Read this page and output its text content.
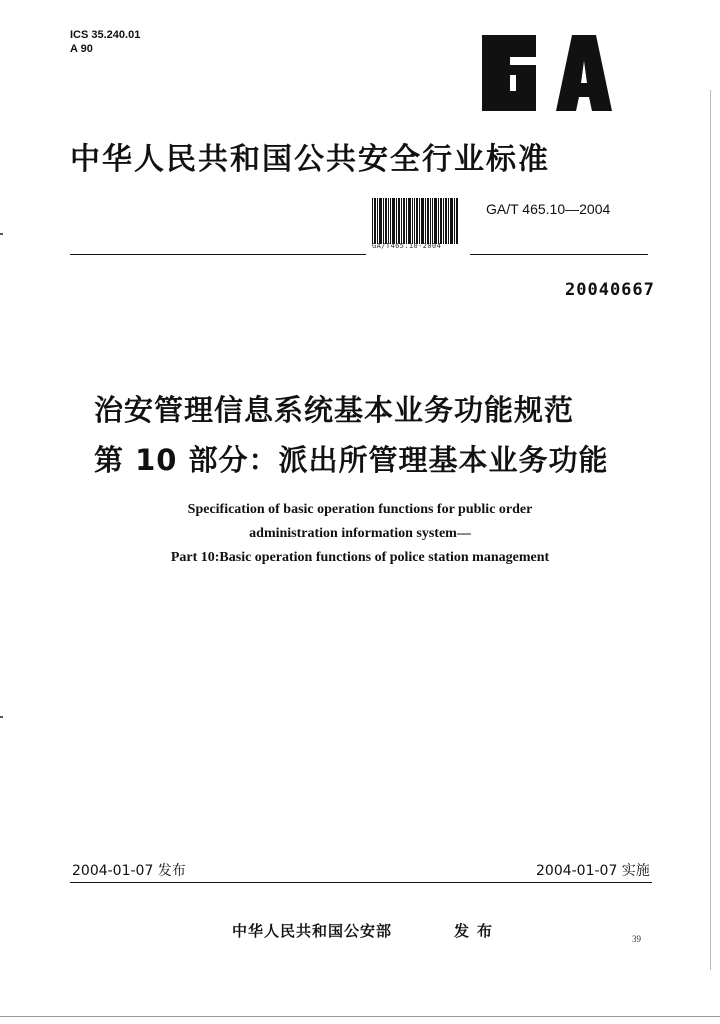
ICS 35.240.01
A 90
中华人民共和国公共安全行业标准
GA/T465.10-2004
GA/T 465.10—2004
20040667
治安管理信息系统基本业务功能规范
第 10 部分：派出所管理基本业务功能
Specification of basic operation functions for public order
administration information system—
Part 10:Basic operation functions of police station management
2004-01-07 发布	2004-01-07 实施
中华人民共和国公安部	发布	39
